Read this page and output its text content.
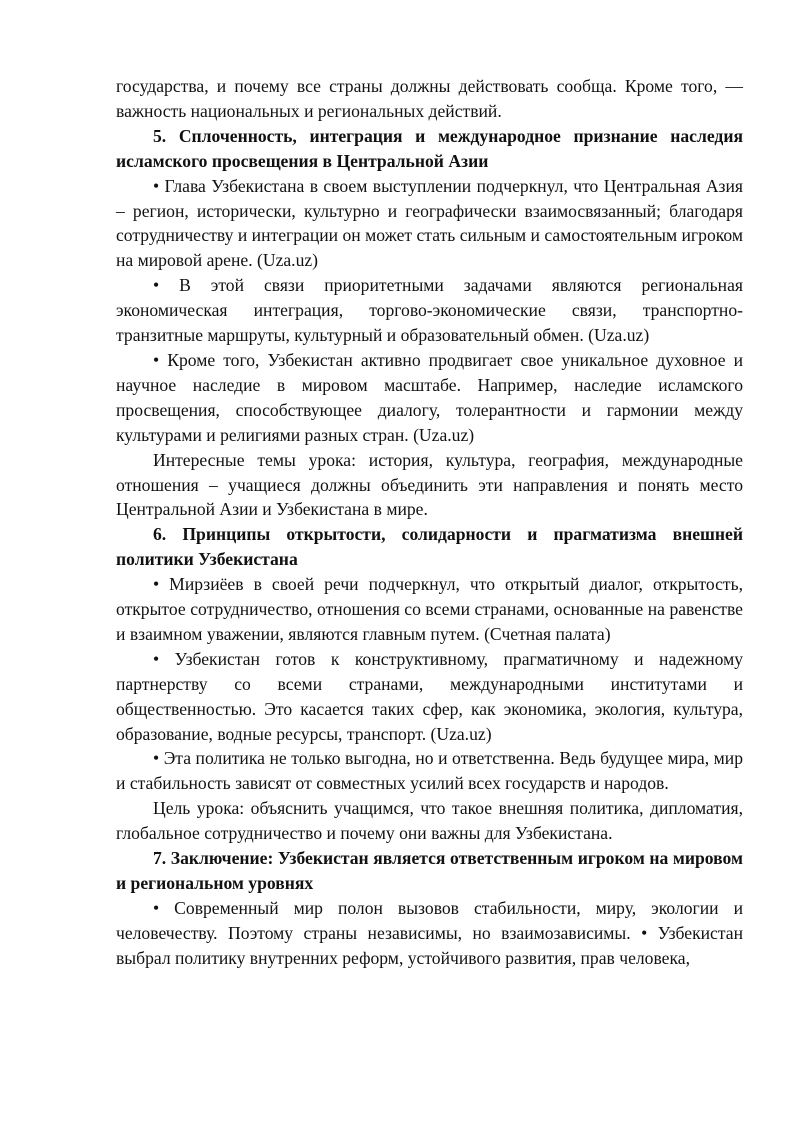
государства, и почему все страны должны действовать сообща. Кроме того, — важность национальных и региональных действий.

5. Сплоченность, интеграция и международное признание наследия исламского просвещения в Центральной Азии

• Глава Узбекистана в своем выступлении подчеркнул, что Центральная Азия – регион, исторически, культурно и географически взаимосвязанный; благодаря сотрудничеству и интеграции он может стать сильным и самостоятельным игроком на мировой арене. (Uza.uz)

• В этой связи приоритетными задачами являются региональная экономическая интеграция, торгово-экономические связи, транспортно-транзитные маршруты, культурный и образовательный обмен. (Uza.uz)

• Кроме того, Узбекистан активно продвигает свое уникальное духовное и научное наследие в мировом масштабе. Например, наследие исламского просвещения, способствующее диалогу, толерантности и гармонии между культурами и религиями разных стран. (Uza.uz)

Интересные темы урока: история, культура, география, международные отношения – учащиеся должны объединить эти направления и понять место Центральной Азии и Узбекистана в мире.

6. Принципы открытости, солидарности и прагматизма внешней политики Узбекистана

• Мирзиёев в своей речи подчеркнул, что открытый диалог, открытость, открытое сотрудничество, отношения со всеми странами, основанные на равенстве и взаимном уважении, являются главным путем. (Счетная палата)

• Узбекистан готов к конструктивному, прагматичному и надежному партнерству со всеми странами, международными институтами и общественностью. Это касается таких сфер, как экономика, экология, культура, образование, водные ресурсы, транспорт. (Uza.uz)

• Эта политика не только выгодна, но и ответственна. Ведь будущее мира, мир и стабильность зависят от совместных усилий всех государств и народов.

Цель урока: объяснить учащимся, что такое внешняя политика, дипломатия, глобальное сотрудничество и почему они важны для Узбекистана.

7. Заключение: Узбекистан является ответственным игроком на мировом и региональном уровнях

• Современный мир полон вызовов стабильности, миру, экологии и человечеству. Поэтому страны независимы, но взаимозависимы. • Узбекистан выбрал политику внутренних реформ, устойчивого развития, прав человека,
